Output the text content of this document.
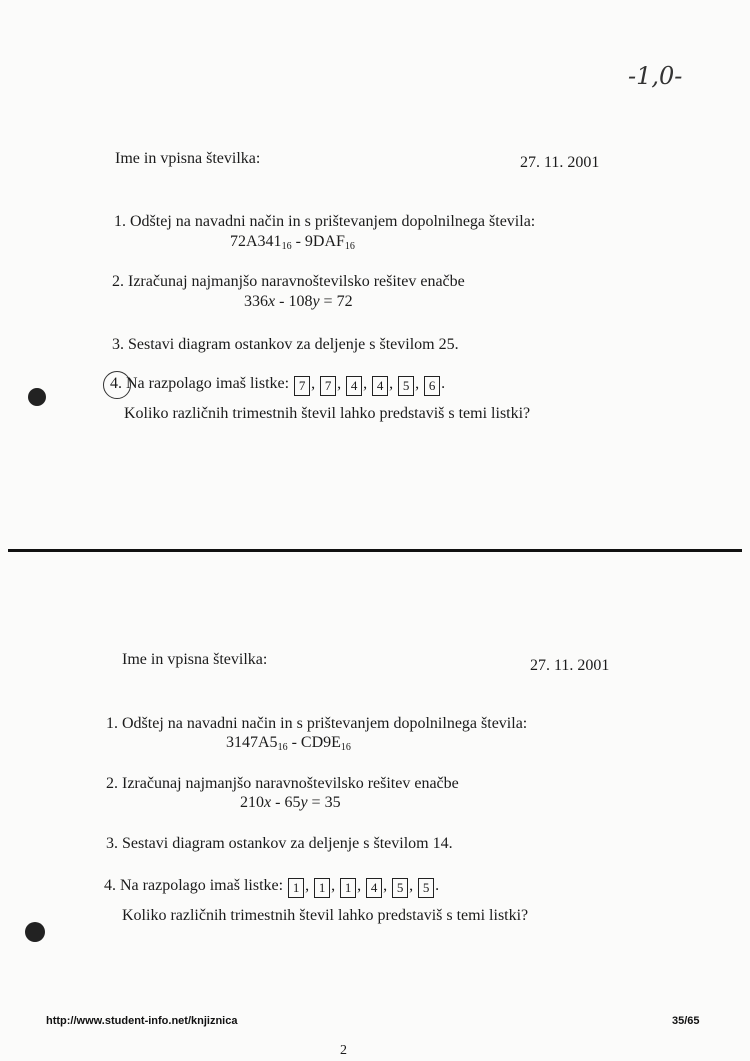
-1,0-
Ime in vpisna številka:	27. 11. 2001
1. Odštej na navadni način in s prištevanjem dopolnilnega števila:
$72A341_{16} - 9DAF_{16}$
2. Izračunaj najmanjšo naravnoštevilsko rešitev enačbe
336x - 108y = 72
3. Sestavi diagram ostankov za deljenje s številom 25.
4. Na razpolago imaš listke: 7 , 7 , 4 , 4 , 5 , 6 .
Koliko različnih trimestnih števil lahko predstaviš s temi listki?
Ime in vpisna številka:	27. 11. 2001
1. Odštej na navadni način in s prištevanjem dopolnilnega števila:
$3147A5_{16} - CD9E_{16}$
2. Izračunaj najmanjšo naravnoštevilsko rešitev enačbe
210x - 65y = 35
3. Sestavi diagram ostankov za deljenje s številom 14.
4. Na razpolago imaš listke: 1 , 1 , 1 , 4 , 5 , 5 .
Koliko različnih trimestnih števil lahko predstaviš s temi listki?
http://www.student-info.net/knjiznica	35/65
2
